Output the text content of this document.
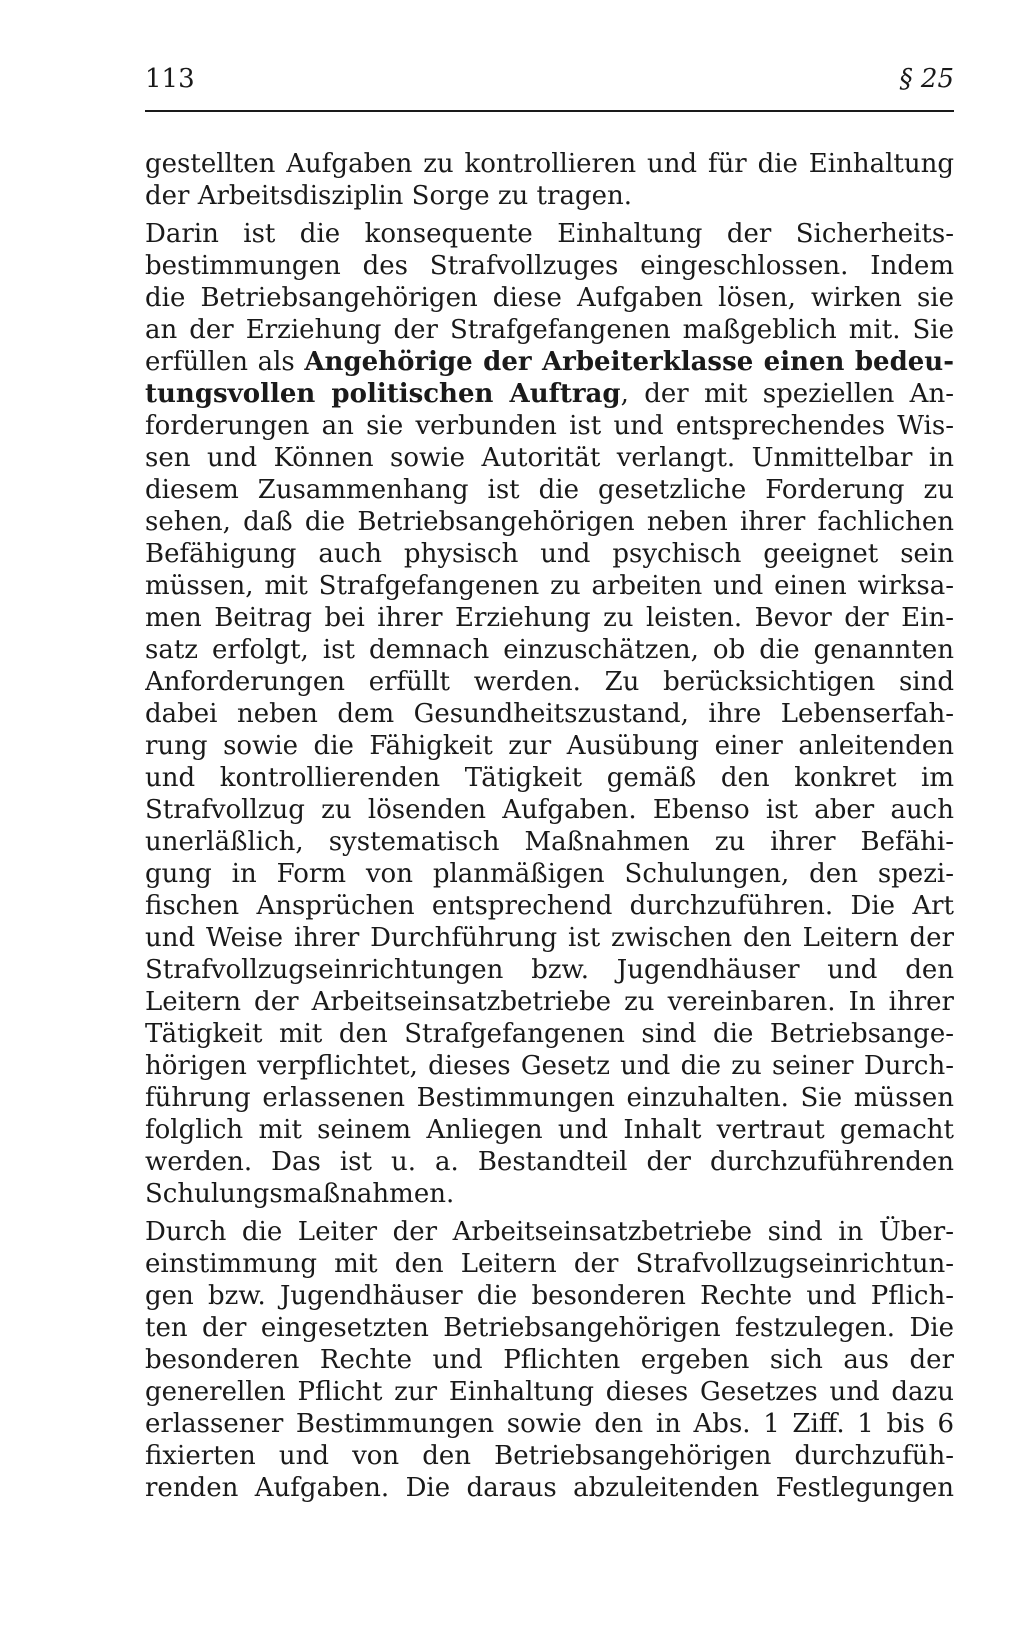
113	§ 25
gestellten Aufgaben zu kontrollieren und für die Einhaltung
der Arbeitsdisziplin Sorge zu tragen.
Darin ist die konsequente Einhaltung der Sicherheits-
bestimmungen des Strafvollzuges eingeschlossen. Indem
die Betriebsangehörigen diese Aufgaben lösen, wirken sie
an der Erziehung der Strafgefangenen maßgeblich mit. Sie
erfüllen als Angehörige der Arbeiterklasse einen bedeu-
tungsvollen politischen Auftrag, der mit speziellen An-
forderungen an sie verbunden ist und entsprechendes Wis-
sen und Können sowie Autorität verlangt. Unmittelbar in
diesem Zusammenhang ist die gesetzliche Forderung zu
sehen, daß die Betriebsangehörigen neben ihrer fachlichen
Befähigung auch physisch und psychisch geeignet sein
müssen, mit Strafgefangenen zu arbeiten und einen wirksa-
men Beitrag bei ihrer Erziehung zu leisten. Bevor der Ein-
satz erfolgt, ist demnach einzuschätzen, ob die genannten
Anforderungen erfüllt werden. Zu berücksichtigen sind
dabei neben dem Gesundheitszustand, ihre Lebenserfah-
rung sowie die Fähigkeit zur Ausübung einer anleitenden
und kontrollierenden Tätigkeit gemäß den konkret im
Strafvollzug zu lösenden Aufgaben. Ebenso ist aber auch
unerläßlich, systematisch Maßnahmen zu ihrer Befähi-
gung in Form von planmäßigen Schulungen, den spezi-
fischen Ansprüchen entsprechend durchzuführen. Die Art
und Weise ihrer Durchführung ist zwischen den Leitern der
Strafvollzugseinrichtungen bzw. Jugendhäuser und den
Leitern der Arbeitseinsatzbetriebe zu vereinbaren. In ihrer
Tätigkeit mit den Strafgefangenen sind die Betriebsange-
hörigen verpflichtet, dieses Gesetz und die zu seiner Durch-
führung erlassenen Bestimmungen einzuhalten. Sie müssen
folglich mit seinem Anliegen und Inhalt vertraut gemacht
werden. Das ist u. a. Bestandteil der durchzuführenden
Schulungsmaßnahmen.
Durch die Leiter der Arbeitseinsatzbetriebe sind in Über-
einstimmung mit den Leitern der Strafvollzugseinrichtun-
gen bzw. Jugendhäuser die besonderen Rechte und Pflich-
ten der eingesetzten Betriebsangehörigen festzulegen. Die
besonderen Rechte und Pflichten ergeben sich aus der
generellen Pflicht zur Einhaltung dieses Gesetzes und dazu
erlassener Bestimmungen sowie den in Abs. 1 Ziff. 1 bis 6
fixierten und von den Betriebsangehörigen durchzufüh-
renden Aufgaben. Die daraus abzuleitenden Festlegungen
